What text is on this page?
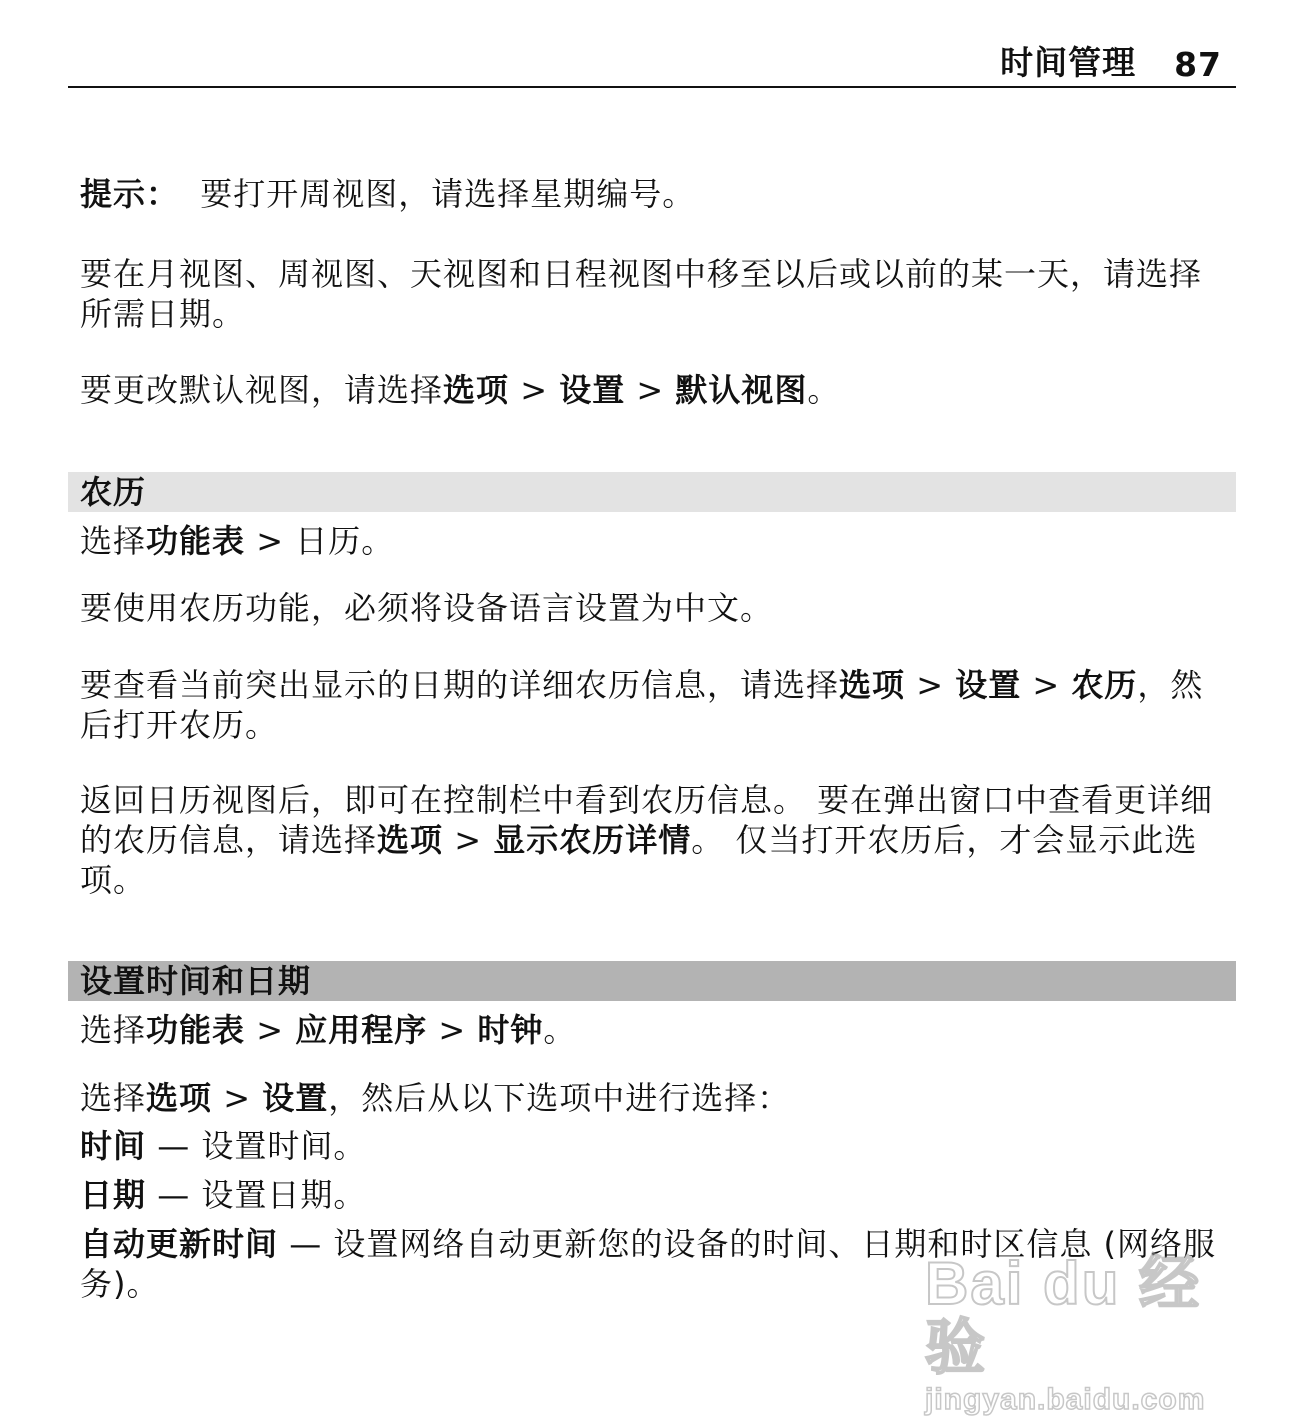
时间管理 87
提示： 要打开周视图，请选择星期编号。
要在月视图、周视图、天视图和日程视图中移至以后或以前的某一天，请选择所需日期。
要更改默认视图，请选择选项 > 设置 > 默认视图。
农历
选择功能表 > 日历。
要使用农历功能，必须将设备语言设置为中文。
要查看当前突出显示的日期的详细农历信息，请选择选项 > 设置 > 农历，然后打开农历。
返回日历视图后，即可在控制栏中看到农历信息。 要在弹出窗口中查看更详细的农历信息，请选择选项 > 显示农历详情。 仅当打开农历后，才会显示此选项。
设置时间和日期
选择功能表 > 应用程序 > 时钟。
选择选项 > 设置，然后从以下选项中进行选择：
时间 — 设置时间。
日期 — 设置日期。
自动更新时间 — 设置网络自动更新您的设备的时间、日期和时区信息 (网络服务)。	Bai du 经验
jingyan.baidu.com
